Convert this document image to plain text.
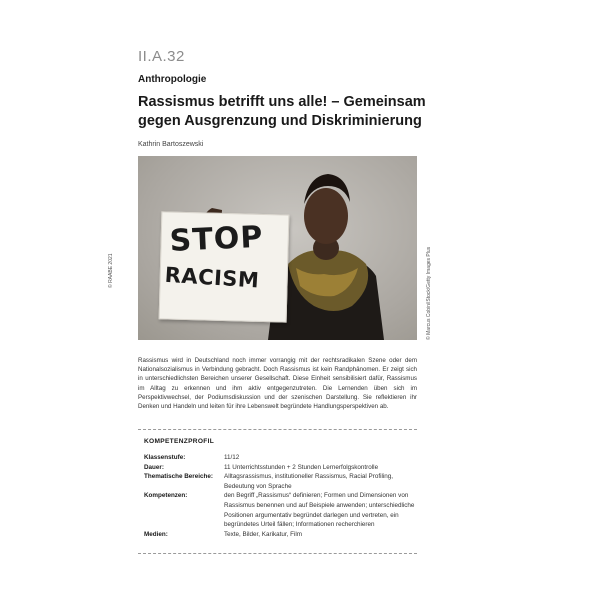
II.A.32
Anthropologie
Rassismus betrifft uns alle! – Gemeinsam gegen Ausgrenzung und Diskriminierung
Kathrin Bartoszewski
STOP
RACISM	© Marcus Cobin/iStock/Getty Images Plus
© RAABE 2021

Rassismus wird in Deutschland noch immer vorrangig mit der rechtsradikalen Szene oder dem Nationalsozialismus in Verbindung gebracht. Doch Rassismus ist kein Randphänomen. Er zeigt sich in unterschiedlichsten Bereichen unserer Gesellschaft. Diese Einheit sensibilisiert dafür, Rassismus im Alltag zu erkennen und ihm aktiv entgegenzutreten. Die Lernenden üben sich im Perspektivwechsel, der Podiumsdiskussion und der szenischen Darstellung. Sie reflektieren ihr Denken und Handeln und leiten für ihre Lebenswelt begründete Handlungsperspektiven ab.

KOMPETENZPROFIL
Klassenstufe:	11/12
Dauer:	11 Unterrichtsstunden + 2 Stunden Lernerfolgskontrolle
Thematische Bereiche:	Alltagsrassismus, institutioneller Rassismus, Racial Profiling, Bedeutung von Sprache
Kompetenzen:	den Begriff „Rassismus“ definieren; Formen und Dimensionen von Rassismus benennen und auf Beispiele anwenden; unterschiedliche Positionen argumentativ begründet darlegen und vertreten, ein begründetes Urteil fällen; Informationen recherchieren
Medien:	Texte, Bilder, Karikatur, Film
